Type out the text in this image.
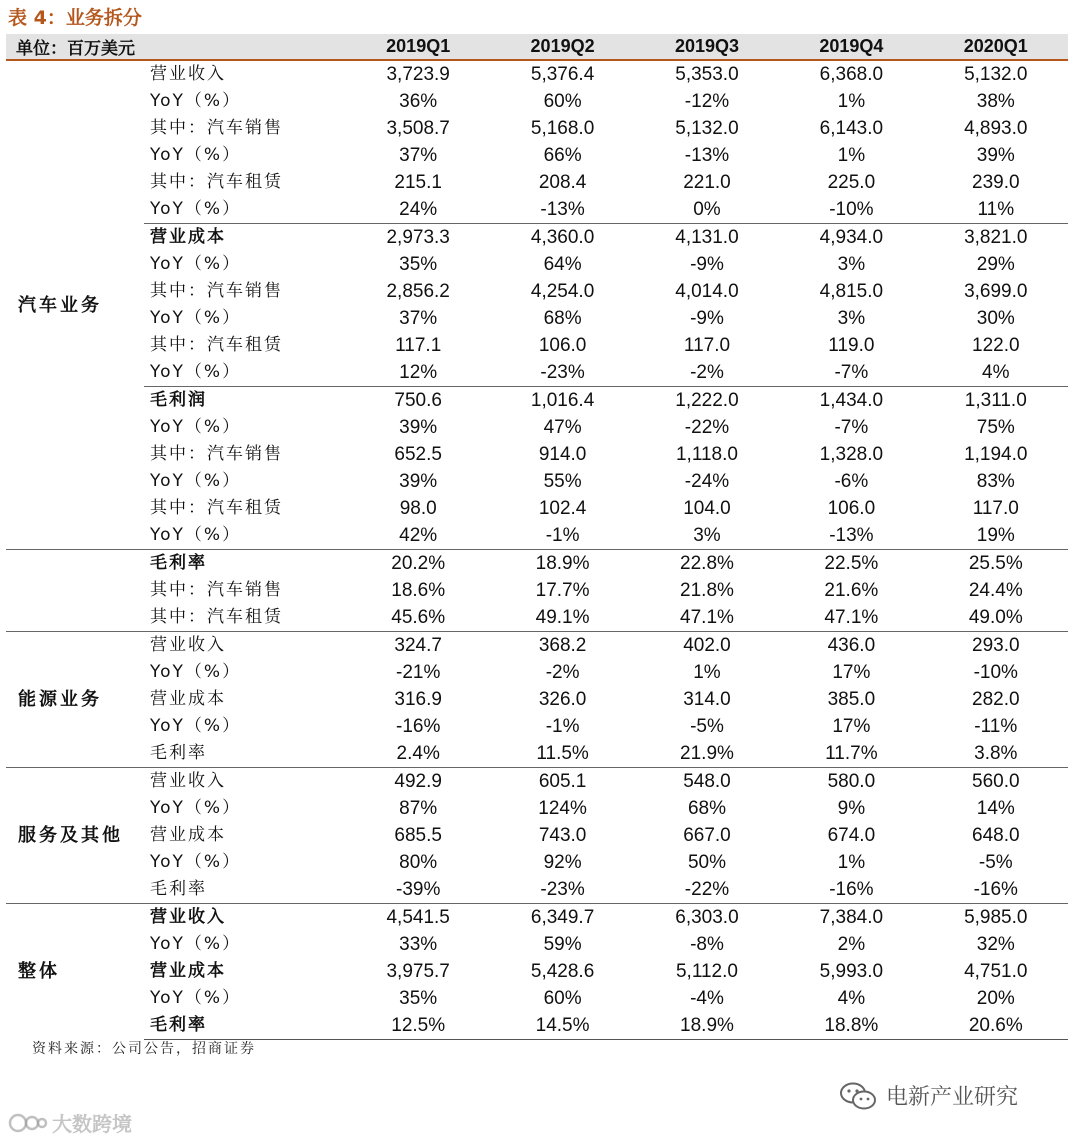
表 4：业务拆分
单位：百万美元		2019Q1	2019Q2	2019Q3	2019Q4	2020Q1
汽车业务	营业收入	3,723.9	5,376.4	5,353.0	6,368.0	5,132.0
	YoY（%）	36%	60%	-12%	1%	38%
	其中：汽车销售	3,508.7	5,168.0	5,132.0	6,143.0	4,893.0
	YoY（%）	37%	66%	-13%	1%	39%
	其中：汽车租赁	215.1	208.4	221.0	225.0	239.0
	YoY（%）	24%	-13%	0%	-10%	11%
	营业成本	2,973.3	4,360.0	4,131.0	4,934.0	3,821.0
	YoY（%）	35%	64%	-9%	3%	29%
	其中：汽车销售	2,856.2	4,254.0	4,014.0	4,815.0	3,699.0
	YoY（%）	37%	68%	-9%	3%	30%
	其中：汽车租赁	117.1	106.0	117.0	119.0	122.0
	YoY（%）	12%	-23%	-2%	-7%	4%
	毛利润	750.6	1,016.4	1,222.0	1,434.0	1,311.0
	YoY（%）	39%	47%	-22%	-7%	75%
	其中：汽车销售	652.5	914.0	1,118.0	1,328.0	1,194.0
	YoY（%）	39%	55%	-24%	-6%	83%
	其中：汽车租赁	98.0	102.4	104.0	106.0	117.0
	YoY（%）	42%	-1%	3%	-13%	19%
	毛利率	20.2%	18.9%	22.8%	22.5%	25.5%
	其中：汽车销售	18.6%	17.7%	21.8%	21.6%	24.4%
	其中：汽车租赁	45.6%	49.1%	47.1%	47.1%	49.0%
能源业务	营业收入	324.7	368.2	402.0	436.0	293.0
	YoY（%）	-21%	-2%	1%	17%	-10%
	营业成本	316.9	326.0	314.0	385.0	282.0
	YoY（%）	-16%	-1%	-5%	17%	-11%
	毛利率	2.4%	11.5%	21.9%	11.7%	3.8%
服务及其他	营业收入	492.9	605.1	548.0	580.0	560.0
	YoY（%）	87%	124%	68%	9%	14%
	营业成本	685.5	743.0	667.0	674.0	648.0
	YoY（%）	80%	92%	50%	1%	-5%
	毛利率	-39%	-23%	-22%	-16%	-16%
整体	营业收入	4,541.5	6,349.7	6,303.0	7,384.0	5,985.0
	YoY（%）	33%	59%	-8%	2%	32%
	营业成本	3,975.7	5,428.6	5,112.0	5,993.0	4,751.0
	YoY（%）	35%	60%	-4%	4%	20%
	毛利率	12.5%	14.5%	18.9%	18.8%	20.6%
资料来源：公司公告，招商证券
电新产业研究
大数跨境
